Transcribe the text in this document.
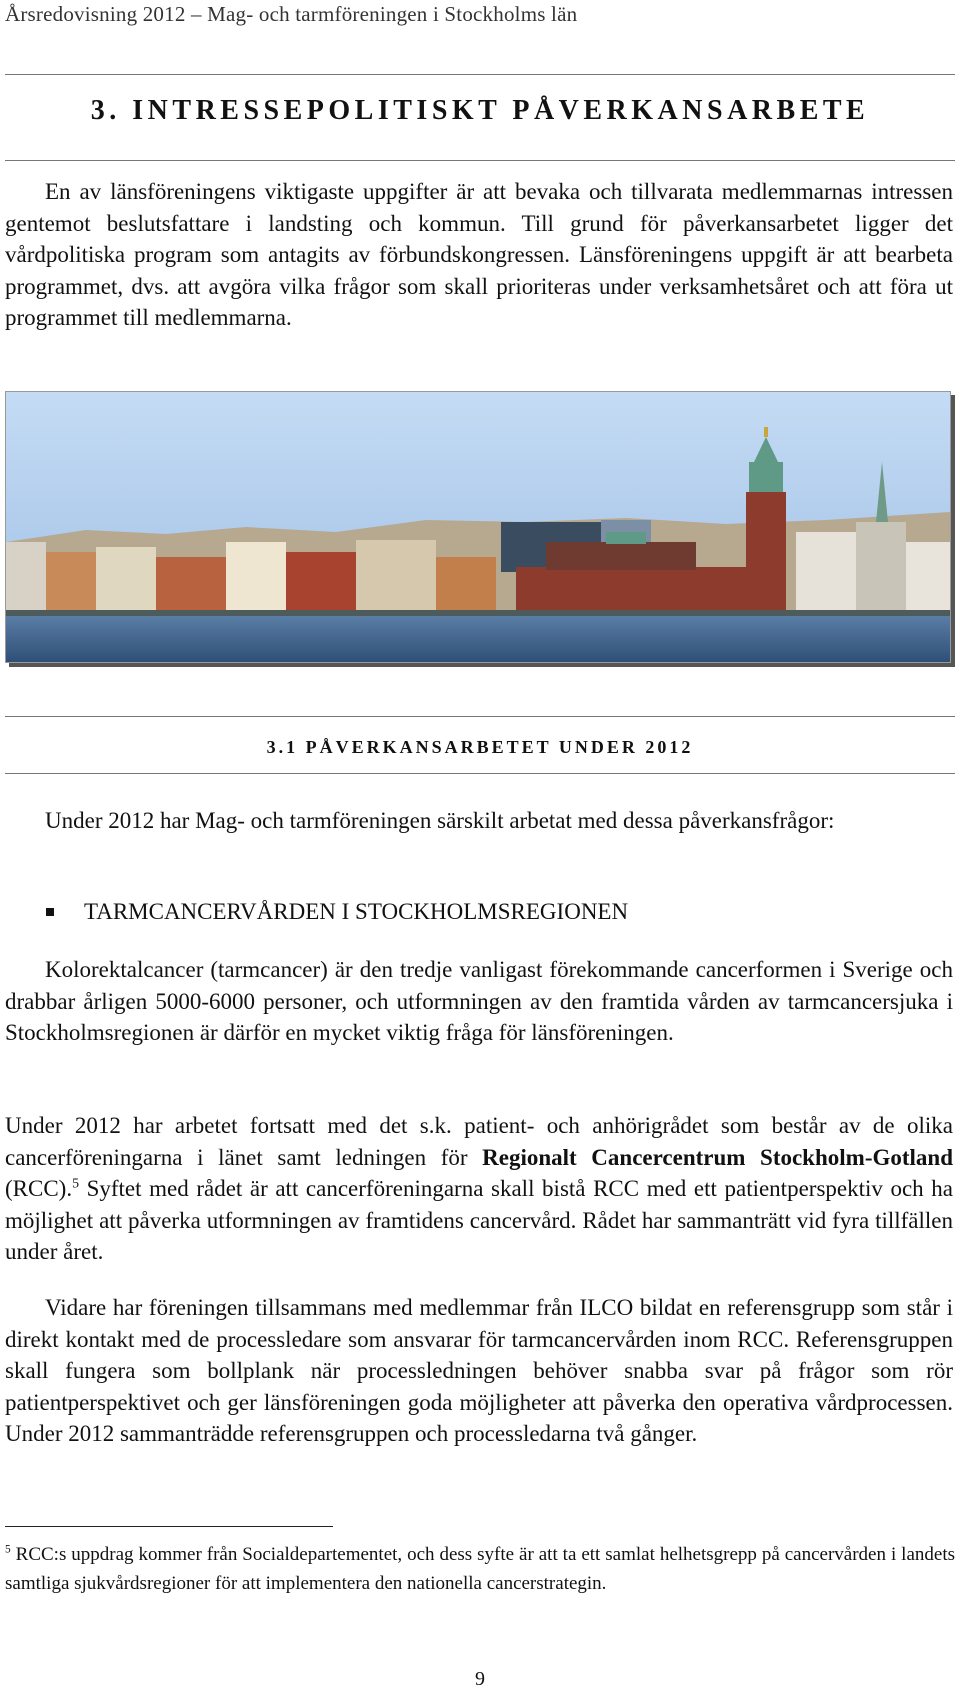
Årsredovisning 2012 – Mag- och tarmföreningen i Stockholms län
3. INTRESSEPOLITISKT PÅVERKANSARBETE

En av länsföreningens viktigaste uppgifter är att bevaka och tillvarata medlemmarnas intressen gentemot beslutsfattare i landsting och kommun. Till grund för påverkansarbetet ligger det vårdpolitiska program som antagits av förbundskongressen. Länsföreningens uppgift är att bearbeta programmet, dvs. att avgöra vilka frågor som skall prioriteras under verksamhetsåret och att föra ut programmet till medlemmarna.

3.1 PÅVERKANSARBETET UNDER 2012

Under 2012 har Mag- och tarmföreningen särskilt arbetat med dessa påverkansfrågor:

TARMCANCERVÅRDEN I STOCKHOLMSREGIONEN

Kolorektalcancer (tarmcancer) är den tredje vanligast förekommande cancerformen i Sverige och drabbar årligen 5000-6000 personer, och utformningen av den framtida vården av tarmcancersjuka i Stockholmsregionen är därför en mycket viktig fråga för länsföreningen.

Under 2012 har arbetet fortsatt med det s.k. patient- och anhörigrådet som består av de olika cancerföreningarna i länet samt ledningen för Regionalt Cancercentrum Stockholm-Gotland (RCC).$^5$ Syftet med rådet är att cancerföreningarna skall bistå RCC med ett patientperspektiv och ha möjlighet att påverka utformningen av framtidens cancervård. Rådet har sammanträtt vid fyra tillfällen under året.

Vidare har föreningen tillsammans med medlemmar från ILCO bildat en referensgrupp som står i direkt kontakt med de processledare som ansvarar för tarmcancervården inom RCC. Referensgruppen skall fungera som bollplank när processledningen behöver snabba svar på frågor som rör patientperspektivet och ger länsföreningen goda möjligheter att påverka den operativa vårdprocessen. Under 2012 sammanträdde referensgruppen och processledarna två gånger.

$^5$ RCC:s uppdrag kommer från Socialdepartementet, och dess syfte är att ta ett samlat helhetsgrepp på cancervården i landets samtliga sjukvårdsregioner för att implementera den nationella cancerstrategin.

9
